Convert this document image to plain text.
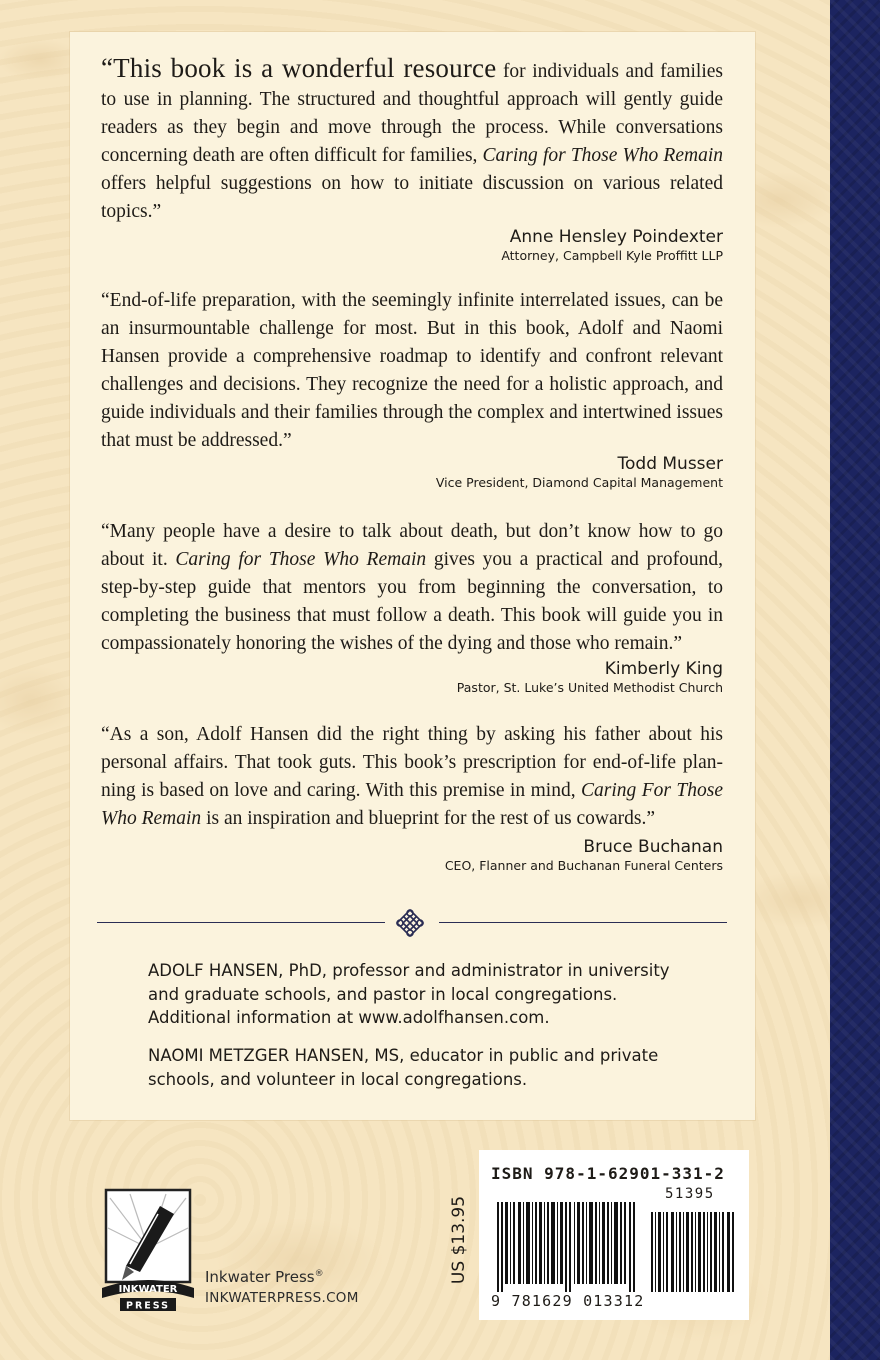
“This book is a wonderful resource for individuals and families to use in planning. The structured and thoughtful approach will gently guide readers as they begin and move through the process. While conversations concerning death are often difficult for families, Caring for Those Who Remain offers helpful suggestions on how to initiate discussion on various related topics.”

Anne Hensley Poindexter
Attorney, Campbell Kyle Proffitt LLP

“End-of-life preparation, with the seemingly infinite interrelated issues, can be an insurmountable challenge for most. But in this book, Adolf and Naomi Hansen provide a comprehensive roadmap to identify and confront relevant challenges and decisions. They recognize the need for a holistic approach, and guide individuals and their families through the complex and intertwined issues that must be addressed.”

Todd Musser
Vice President, Diamond Capital Management

“Many people have a desire to talk about death, but don’t know how to go about it. Caring for Those Who Remain gives you a practical and profound, step-by-step guide that mentors you from beginning the conversation, to completing the business that must follow a death. This book will guide you in compassionately honoring the wishes of the dying and those who remain.”

Kimberly King
Pastor, St. Luke’s United Methodist Church

“As a son, Adolf Hansen did the right thing by asking his father about his personal affairs. That took guts. This book’s prescription for end-of-life planning is based on love and caring. With this premise in mind, Caring For Those Who Remain is an inspiration and blueprint for the rest of us cowards.”

Bruce Buchanan
CEO, Flanner and Buchanan Funeral Centers

ADOLF HANSEN, PhD, professor and administrator in university and graduate schools, and pastor in local congregations. Additional information at www.adolfhansen.com.

NAOMI METZGER HANSEN, MS, educator in public and private schools, and volunteer in local congregations.

US $13.95
ISBN 978-1-62901-331-2
51395
9 781629 013312
INKWATER
PRESS
Inkwater Press®
INKWATERPRESS.COM
